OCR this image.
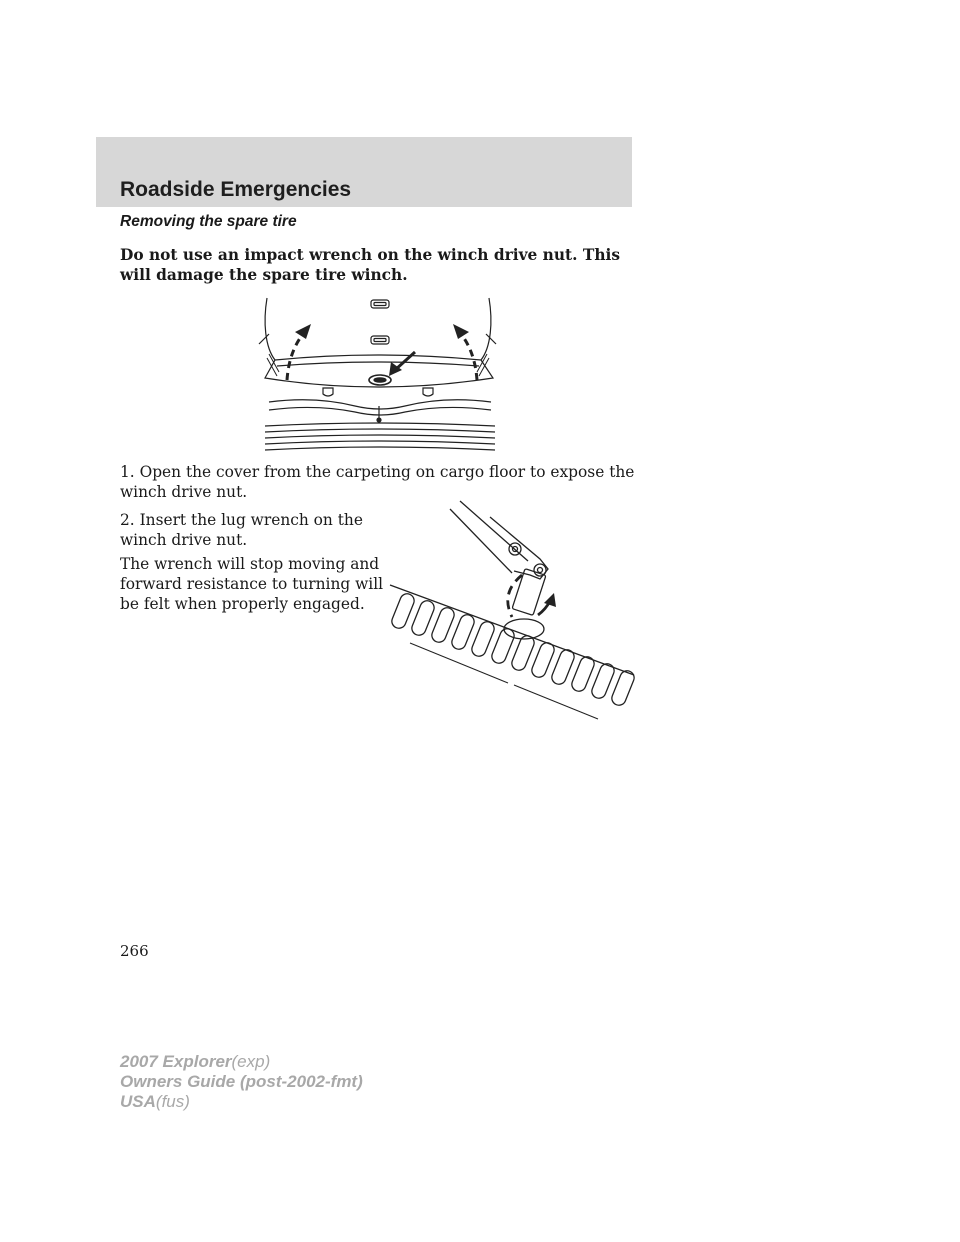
Roadside Emergencies
Removing the spare tire
Do not use an impact wrench on the winch drive nut. This will damage the spare tire winch.
1. Open the cover from the carpeting on cargo floor to expose the winch drive nut.
2. Insert the lug wrench on the winch drive nut.
The wrench will stop moving and forward resistance to turning will be felt when properly engaged.
266
2007 Explorer(exp)
Owners Guide (post-2002-fmt)
USA(fus)
